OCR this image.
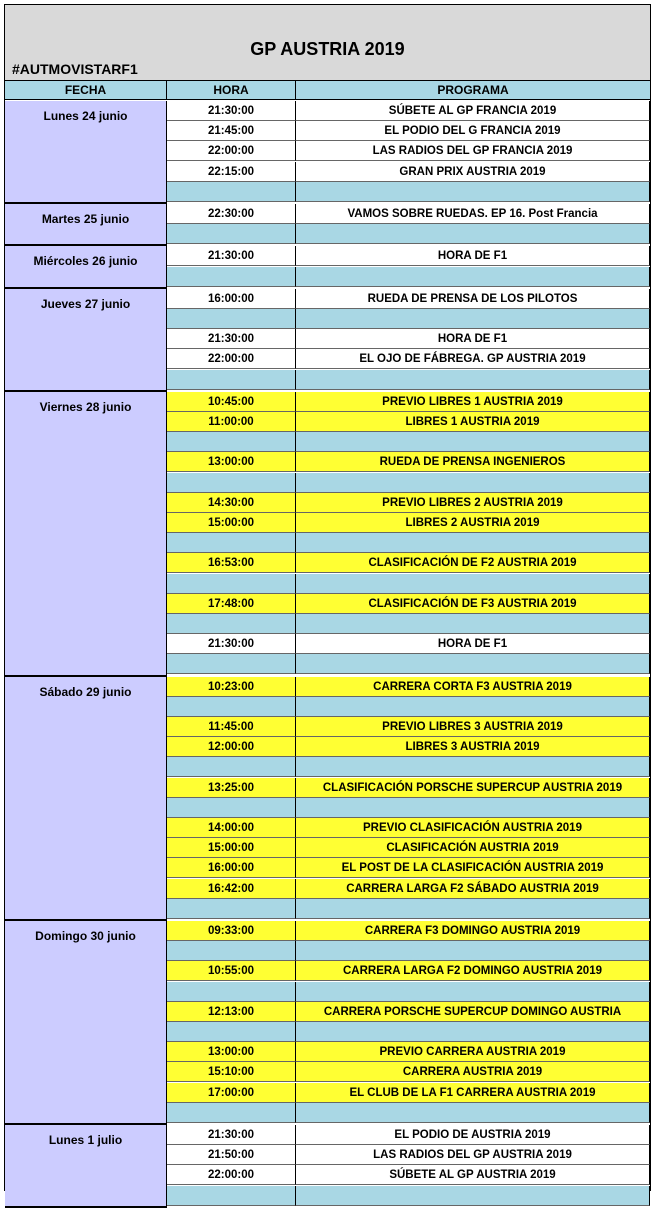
GP AUSTRIA 2019
#AUTMOVISTARF1
FECHA	HORA	PROGRAMA
Lunes 24 junio	21:30:00	SÚBETE AL GP FRANCIA 2019
21:45:00	EL PODIO DEL G FRANCIA 2019
22:00:00	LAS RADIOS DEL GP FRANCIA 2019
22:15:00	GRAN PRIX AUSTRIA 2019
Martes 25 junio	22:30:00	VAMOS SOBRE RUEDAS. EP 16. Post Francia
Miércoles 26 junio	21:30:00	HORA DE F1
Jueves 27 junio	16:00:00	RUEDA DE PRENSA DE LOS PILOTOS
21:30:00	HORA DE F1
22:00:00	EL OJO DE FÁBREGA. GP AUSTRIA 2019
Viernes 28 junio	10:45:00	PREVIO LIBRES 1 AUSTRIA 2019
11:00:00	LIBRES 1 AUSTRIA 2019
13:00:00	RUEDA DE PRENSA INGENIEROS
14:30:00	PREVIO LIBRES 2 AUSTRIA 2019
15:00:00	LIBRES 2 AUSTRIA 2019
16:53:00	CLASIFICACIÓN DE F2 AUSTRIA 2019
17:48:00	CLASIFICACIÓN DE F3 AUSTRIA 2019
21:30:00	HORA DE F1
Sábado 29 junio	10:23:00	CARRERA CORTA F3 AUSTRIA 2019
11:45:00	PREVIO LIBRES 3 AUSTRIA 2019
12:00:00	LIBRES 3 AUSTRIA 2019
13:25:00	CLASIFICACIÓN PORSCHE SUPERCUP AUSTRIA 2019
14:00:00	PREVIO CLASIFICACIÓN AUSTRIA 2019
15:00:00	CLASIFICACIÓN AUSTRIA 2019
16:00:00	EL POST DE LA CLASIFICACIÓN AUSTRIA 2019
16:42:00	CARRERA LARGA F2 SÁBADO AUSTRIA 2019
Domingo 30 junio	09:33:00	CARRERA F3 DOMINGO AUSTRIA 2019
10:55:00	CARRERA LARGA F2 DOMINGO AUSTRIA 2019
12:13:00	CARRERA PORSCHE SUPERCUP DOMINGO AUSTRIA
13:00:00	PREVIO CARRERA AUSTRIA 2019
15:10:00	CARRERA AUSTRIA 2019
17:00:00	EL CLUB DE LA F1 CARRERA AUSTRIA 2019
Lunes 1 julio	21:30:00	EL PODIO DE AUSTRIA 2019
21:50:00	LAS RADIOS DEL GP AUSTRIA 2019
22:00:00	SÚBETE AL GP AUSTRIA 2019
